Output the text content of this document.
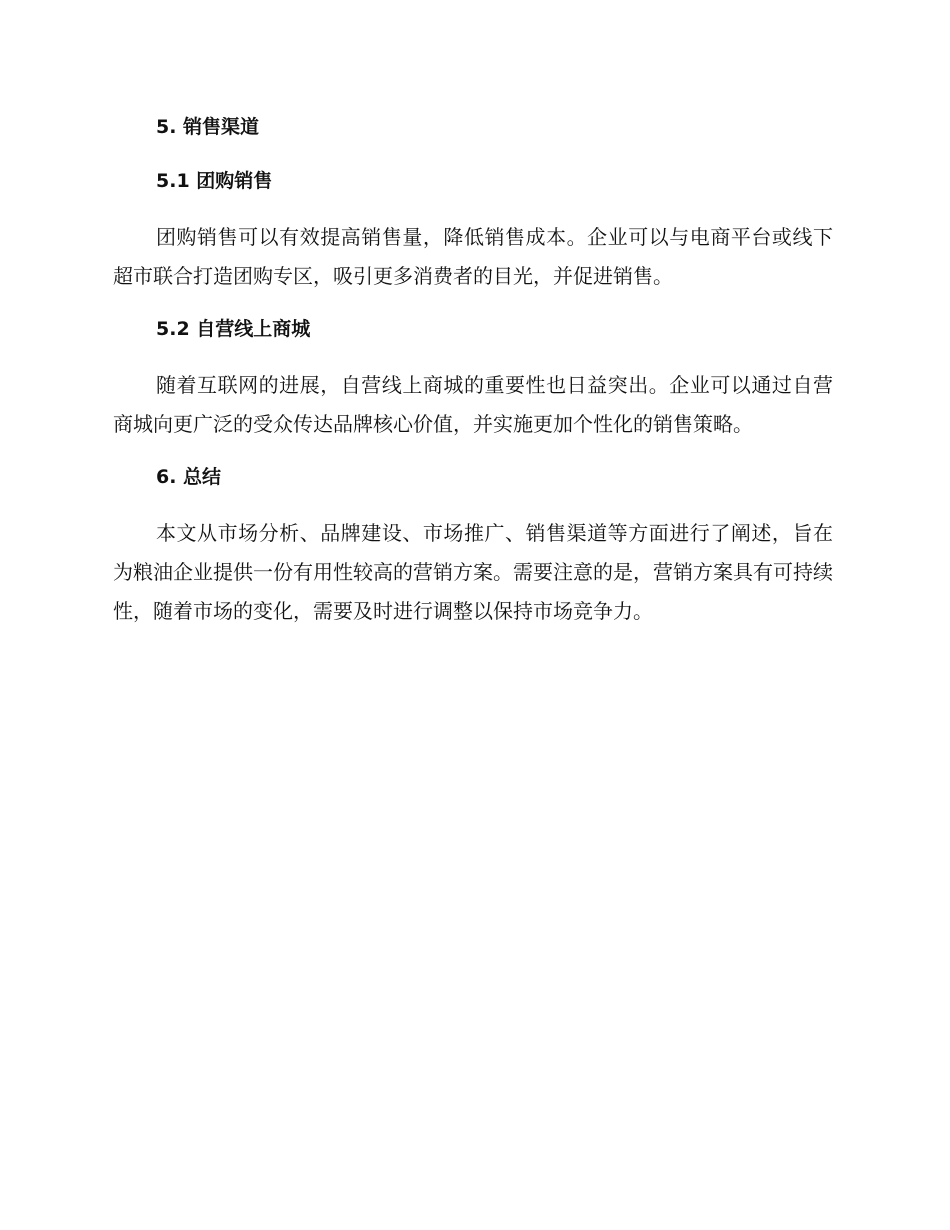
5. 销售渠道
5.1 团购销售

团购销售可以有效提高销售量，降低销售成本。企业可以与电商平台或线下超市联合打造团购专区，吸引更多消费者的目光，并促进销售。

5.2 自营线上商城

随着互联网的进展，自营线上商城的重要性也日益突出。企业可以通过自营商城向更广泛的受众传达品牌核心价值，并实施更加个性化的销售策略。

6. 总结

本文从市场分析、品牌建设、市场推广、销售渠道等方面进行了阐述，旨在为粮油企业提供一份有用性较高的营销方案。需要注意的是，营销方案具有可持续性，随着市场的变化，需要及时进行调整以保持市场竞争力。
